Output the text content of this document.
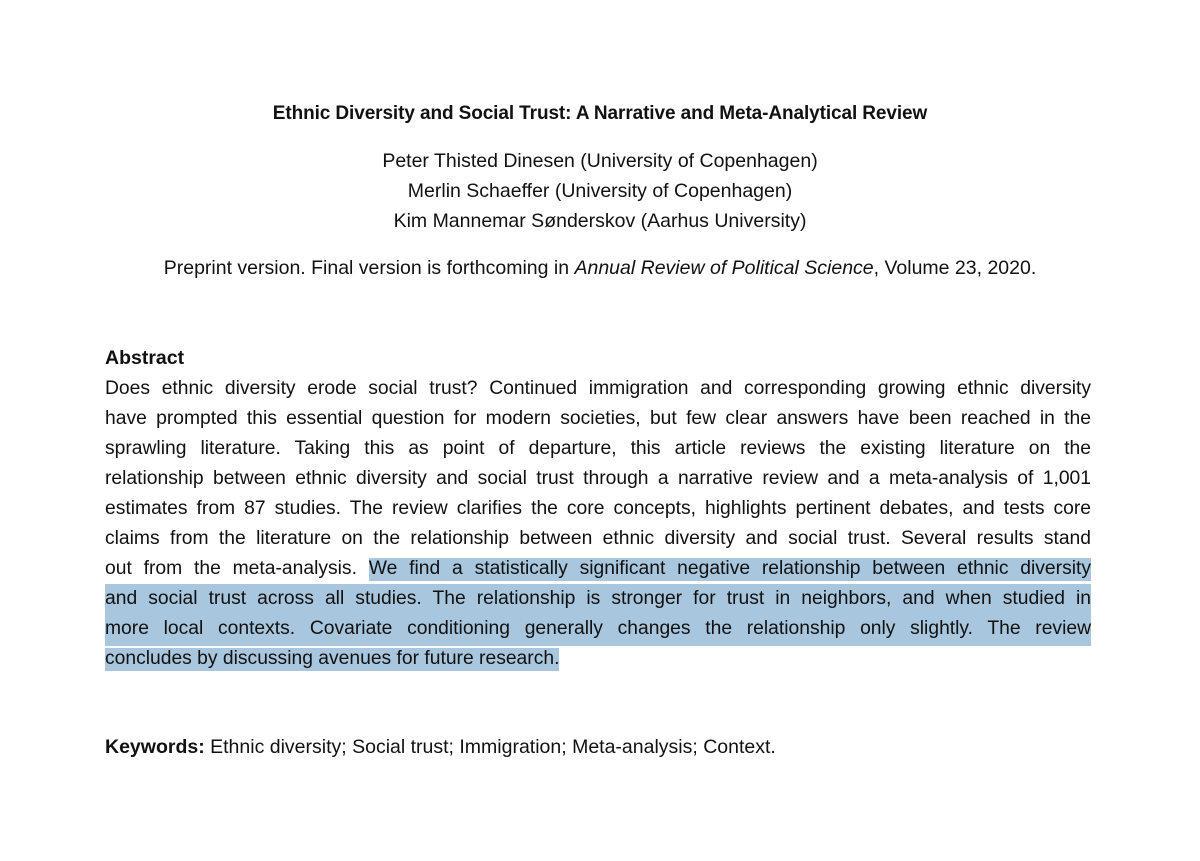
Ethnic Diversity and Social Trust: A Narrative and Meta-Analytical Review
Peter Thisted Dinesen (University of Copenhagen)
Merlin Schaeffer (University of Copenhagen)
Kim Mannemar Sønderskov (Aarhus University)
Preprint version. Final version is forthcoming in Annual Review of Political Science, Volume 23, 2020.
Abstract
Does ethnic diversity erode social trust? Continued immigration and corresponding growing ethnic diversity
have prompted this essential question for modern societies, but few clear answers have been reached in the
sprawling literature. Taking this as point of departure, this article reviews the existing literature on the
relationship between ethnic diversity and social trust through a narrative review and a meta-analysis of 1,001
estimates from 87 studies. The review clarifies the core concepts, highlights pertinent debates, and tests core
claims from the literature on the relationship between ethnic diversity and social trust. Several results stand
out from the meta-analysis. We find a statistically significant negative relationship between ethnic diversity
and social trust across all studies. The relationship is stronger for trust in neighbors, and when studied in
more local contexts. Covariate conditioning generally changes the relationship only slightly. The review
concludes by discussing avenues for future research.
Keywords: Ethnic diversity; Social trust; Immigration; Meta-analysis; Context.
